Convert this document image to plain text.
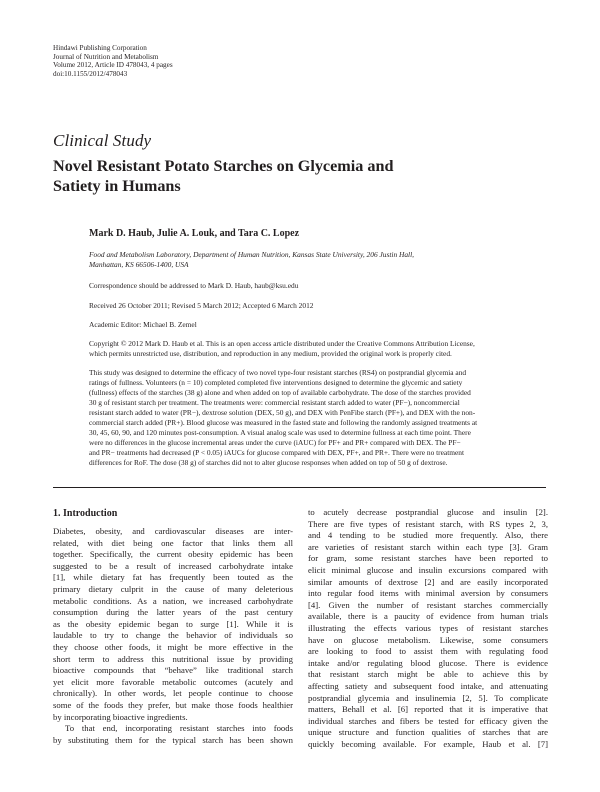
Hindawi Publishing Corporation
Journal of Nutrition and Metabolism
Volume 2012, Article ID 478043, 4 pages
doi:10.1155/2012/478043
Clinical Study
Novel Resistant Potato Starches on Glycemia and
Satiety in Humans
Mark D. Haub, Julie A. Louk, and Tara C. Lopez
Food and Metabolism Laboratory, Department of Human Nutrition, Kansas State University, 206 Justin Hall,
Manhattan, KS 66506-1400, USA
Correspondence should be addressed to Mark D. Haub, haub@ksu.edu
Received 26 October 2011; Revised 5 March 2012; Accepted 6 March 2012
Academic Editor: Michael B. Zemel
Copyright © 2012 Mark D. Haub et al. This is an open access article distributed under the Creative Commons Attribution License,
which permits unrestricted use, distribution, and reproduction in any medium, provided the original work is properly cited.
This study was designed to determine the efficacy of two novel type-four resistant starches (RS4) on postprandial glycemia and
ratings of fullness. Volunteers (n = 10) completed completed five interventions designed to determine the glycemic and satiety
(fullness) effects of the starches (38 g) alone and when added on top of available carbohydrate. The dose of the starches provided
30 g of resistant starch per treatment. The treatments were: commercial resistant starch added to water (PF−), noncommercial
resistant starch added to water (PR−), dextrose solution (DEX, 50 g), and DEX with PenFibe starch (PF+), and DEX with the non-
commercial starch added (PR+). Blood glucose was measured in the fasted state and following the randomly assigned treatments at
30, 45, 60, 90, and 120 minutes post-consumption. A visual analog scale was used to determine fullness at each time point. There
were no differences in the glucose incremental areas under the curve (iAUC) for PF+ and PR+ compared with DEX. The PF−
and PR− treatments had decreased (P < 0.05) iAUCs for glucose compared with DEX, PF+, and PR+. There were no treatment
differences for RoF. The dose (38 g) of starches did not to alter glucose responses when added on top of 50 g of dextrose.
1. Introduction
Diabetes, obesity, and cardiovascular diseases are inter-
related, with diet being one factor that links them all
together. Specifically, the current obesity epidemic has been
suggested to be a result of increased carbohydrate intake
[1], while dietary fat has frequently been touted as the
primary dietary culprit in the cause of many deleterious
metabolic conditions. As a nation, we increased carbohydrate
consumption during the latter years of the past century
as the obesity epidemic began to surge [1]. While it is
laudable to try to change the behavior of individuals so
they choose other foods, it might be more effective in the
short term to address this nutritional issue by providing
bioactive compounds that “behave” like traditional starch
yet elicit more favorable metabolic outcomes (acutely and
chronically). In other words, let people continue to choose
some of the foods they prefer, but make those foods healthier
by incorporating bioactive ingredients.
To that end, incorporating resistant starches into foods
by substituting them for the typical starch has been shown
to acutely decrease postprandial glucose and insulin [2].
There are five types of resistant starch, with RS types 2, 3,
and 4 tending to be studied more frequently. Also, there
are varieties of resistant starch within each type [3]. Gram
for gram, some resistant starches have been reported to
elicit minimal glucose and insulin excursions compared with
similar amounts of dextrose [2] and are easily incorporated
into regular food items with minimal aversion by consumers
[4]. Given the number of resistant starches commercially
available, there is a paucity of evidence from human trials
illustrating the effects various types of resistant starches
have on glucose metabolism. Likewise, some consumers
are looking to food to assist them with regulating food
intake and/or regulating blood glucose. There is evidence
that resistant starch might be able to achieve this by
affecting satiety and subsequent food intake, and attenuating
postprandial glycemia and insulinemia [2, 5]. To complicate
matters, Behall et al. [6] reported that it is imperative that
individual starches and fibers be tested for efficacy given the
unique structure and function qualities of starches that are
quickly becoming available. For example, Haub et al. [7]
